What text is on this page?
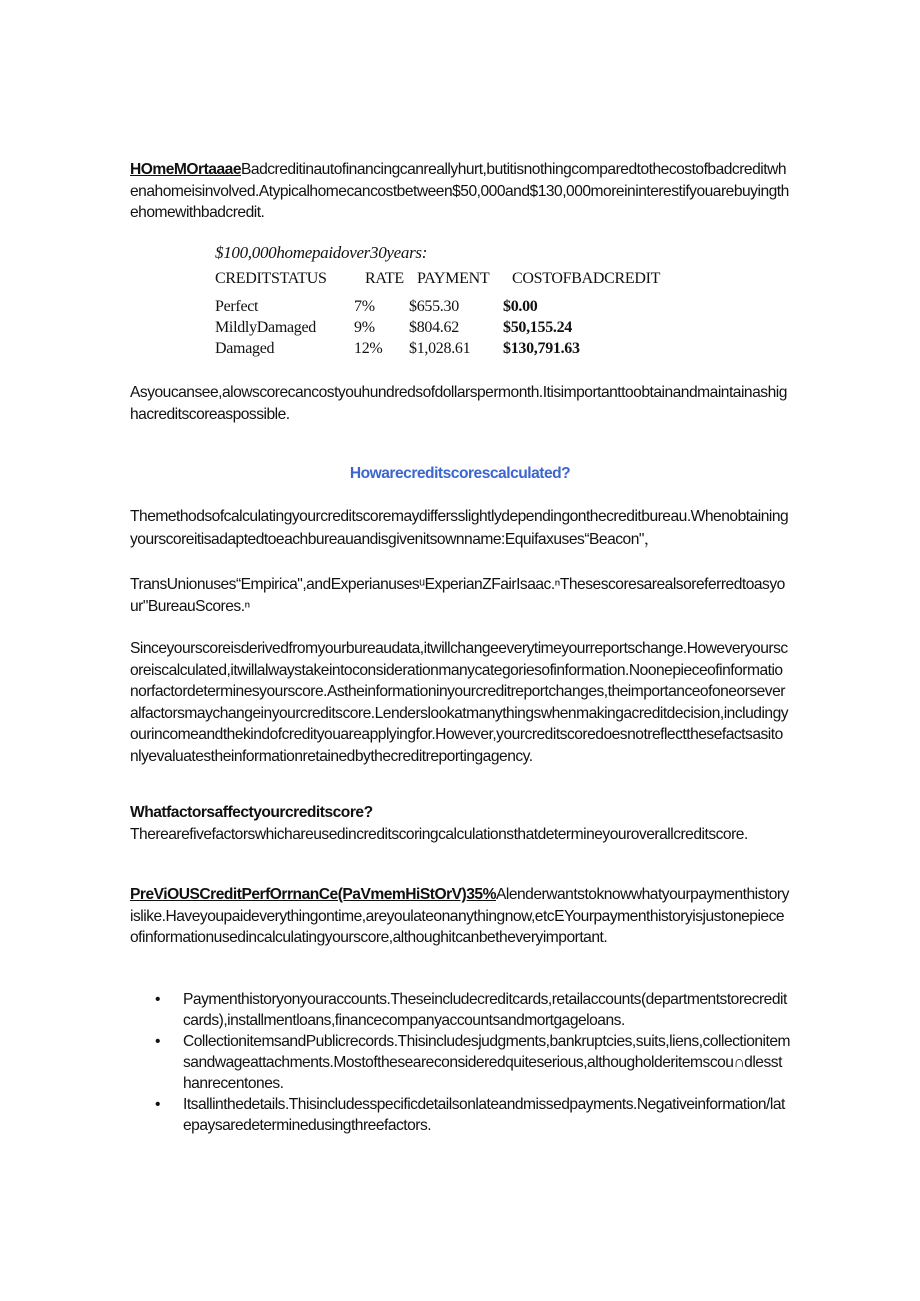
HOmeMOrtaaaeBadcreditinautofinancingcanreallyhurt,butitisnothingcomparedtothecostofbadcreditwhenahomeisinvolved.Atypicalhomecancostbetween$50,000and$130,000moreininterestifyouarebuyingthehomewithbadcredit.

$100,000homepaidover30years:
CREDITSTATUS RATE PAYMENT COSTOFBADCREDIT
Perfect	7% $655.30	$0.00
MildlyDamaged 9% $804.62	$50,155.24
Damaged	12% $1,028.61 $130,791.63

Asyoucansee,alowscorecancostyouhundredsofdollarspermonth.Itisimportanttoobtainandmaintainashighacreditscoreaspossible.

Howarecreditscorescalculated?

Themethodsofcalculatingyourcreditscoremaydiffersslightlydependingonthecreditbureau.Whenobtainingyourscoreitisadaptedtoeachbureauandisgivenitsownname:Equifaxuses“Beacon"，

TransUnionuses“Empirica",andExperianusesᵘExperianZFairIsaac.ⁿThesescoresarealsoreferredtoasyour"BureauScores.ⁿ

Sinceyourscoreisderivedfromyourbureaudata,itwillchangeeverytimeyourreportschange.Howeveryourscoreiscalculated,itwillalwaystakeintoconsiderationmanycategoriesofinformation.Noonepieceofinformationorfactordeterminesyourscore.Astheinformationinyourcreditreportchanges,theimportanceofoneorseveralfactorsmaychangeinyourcreditscore.Lenderslookatmanythingswhenmakingacreditdecision,includingyourincomeandthekindofcredityouareapplyingfor.However,yourcreditscoredoesnotreflectthesefactsasitonlyevaluatestheinformationretainedbythecreditreportingagency.

Whatfactorsaffectyourcreditscore?
Therearefivefactorswhichareusedincreditscoringcalculationsthatdetermineyouroverallcreditscore.

PreViOUSCreditPerfOrrnanCe(PaVmemHiStOrV)35%Alenderwantstoknowwhatyourpaymenthistoryislike.Haveyoupaideverythingontime,areyoulateonanythingnow,etcEYourpaymenthistoryisjustonepieceofinformationusedincalculatingyourscore,althoughitcanbetheveryimportant.

• Paymenthistoryonyouraccounts.Theseincludecreditcards,retailaccounts(departmentstorecreditcards),installmentloans,financecompanyaccountsandmortgageloans.
• CollectionitemsandPublicrecords.Thisincludesjudgments,bankruptcies,suits,liens,collectionitemsandwageattachments.Mostoftheseareconsideredquiteserious,althougholderitemscou∩dlessthanrecentones.
• Itsallinthedetails.Thisincludesspecificdetailsonlateandmissedpayments.Negativeinformation/latepaysaredeterminedusingthreefactors.
